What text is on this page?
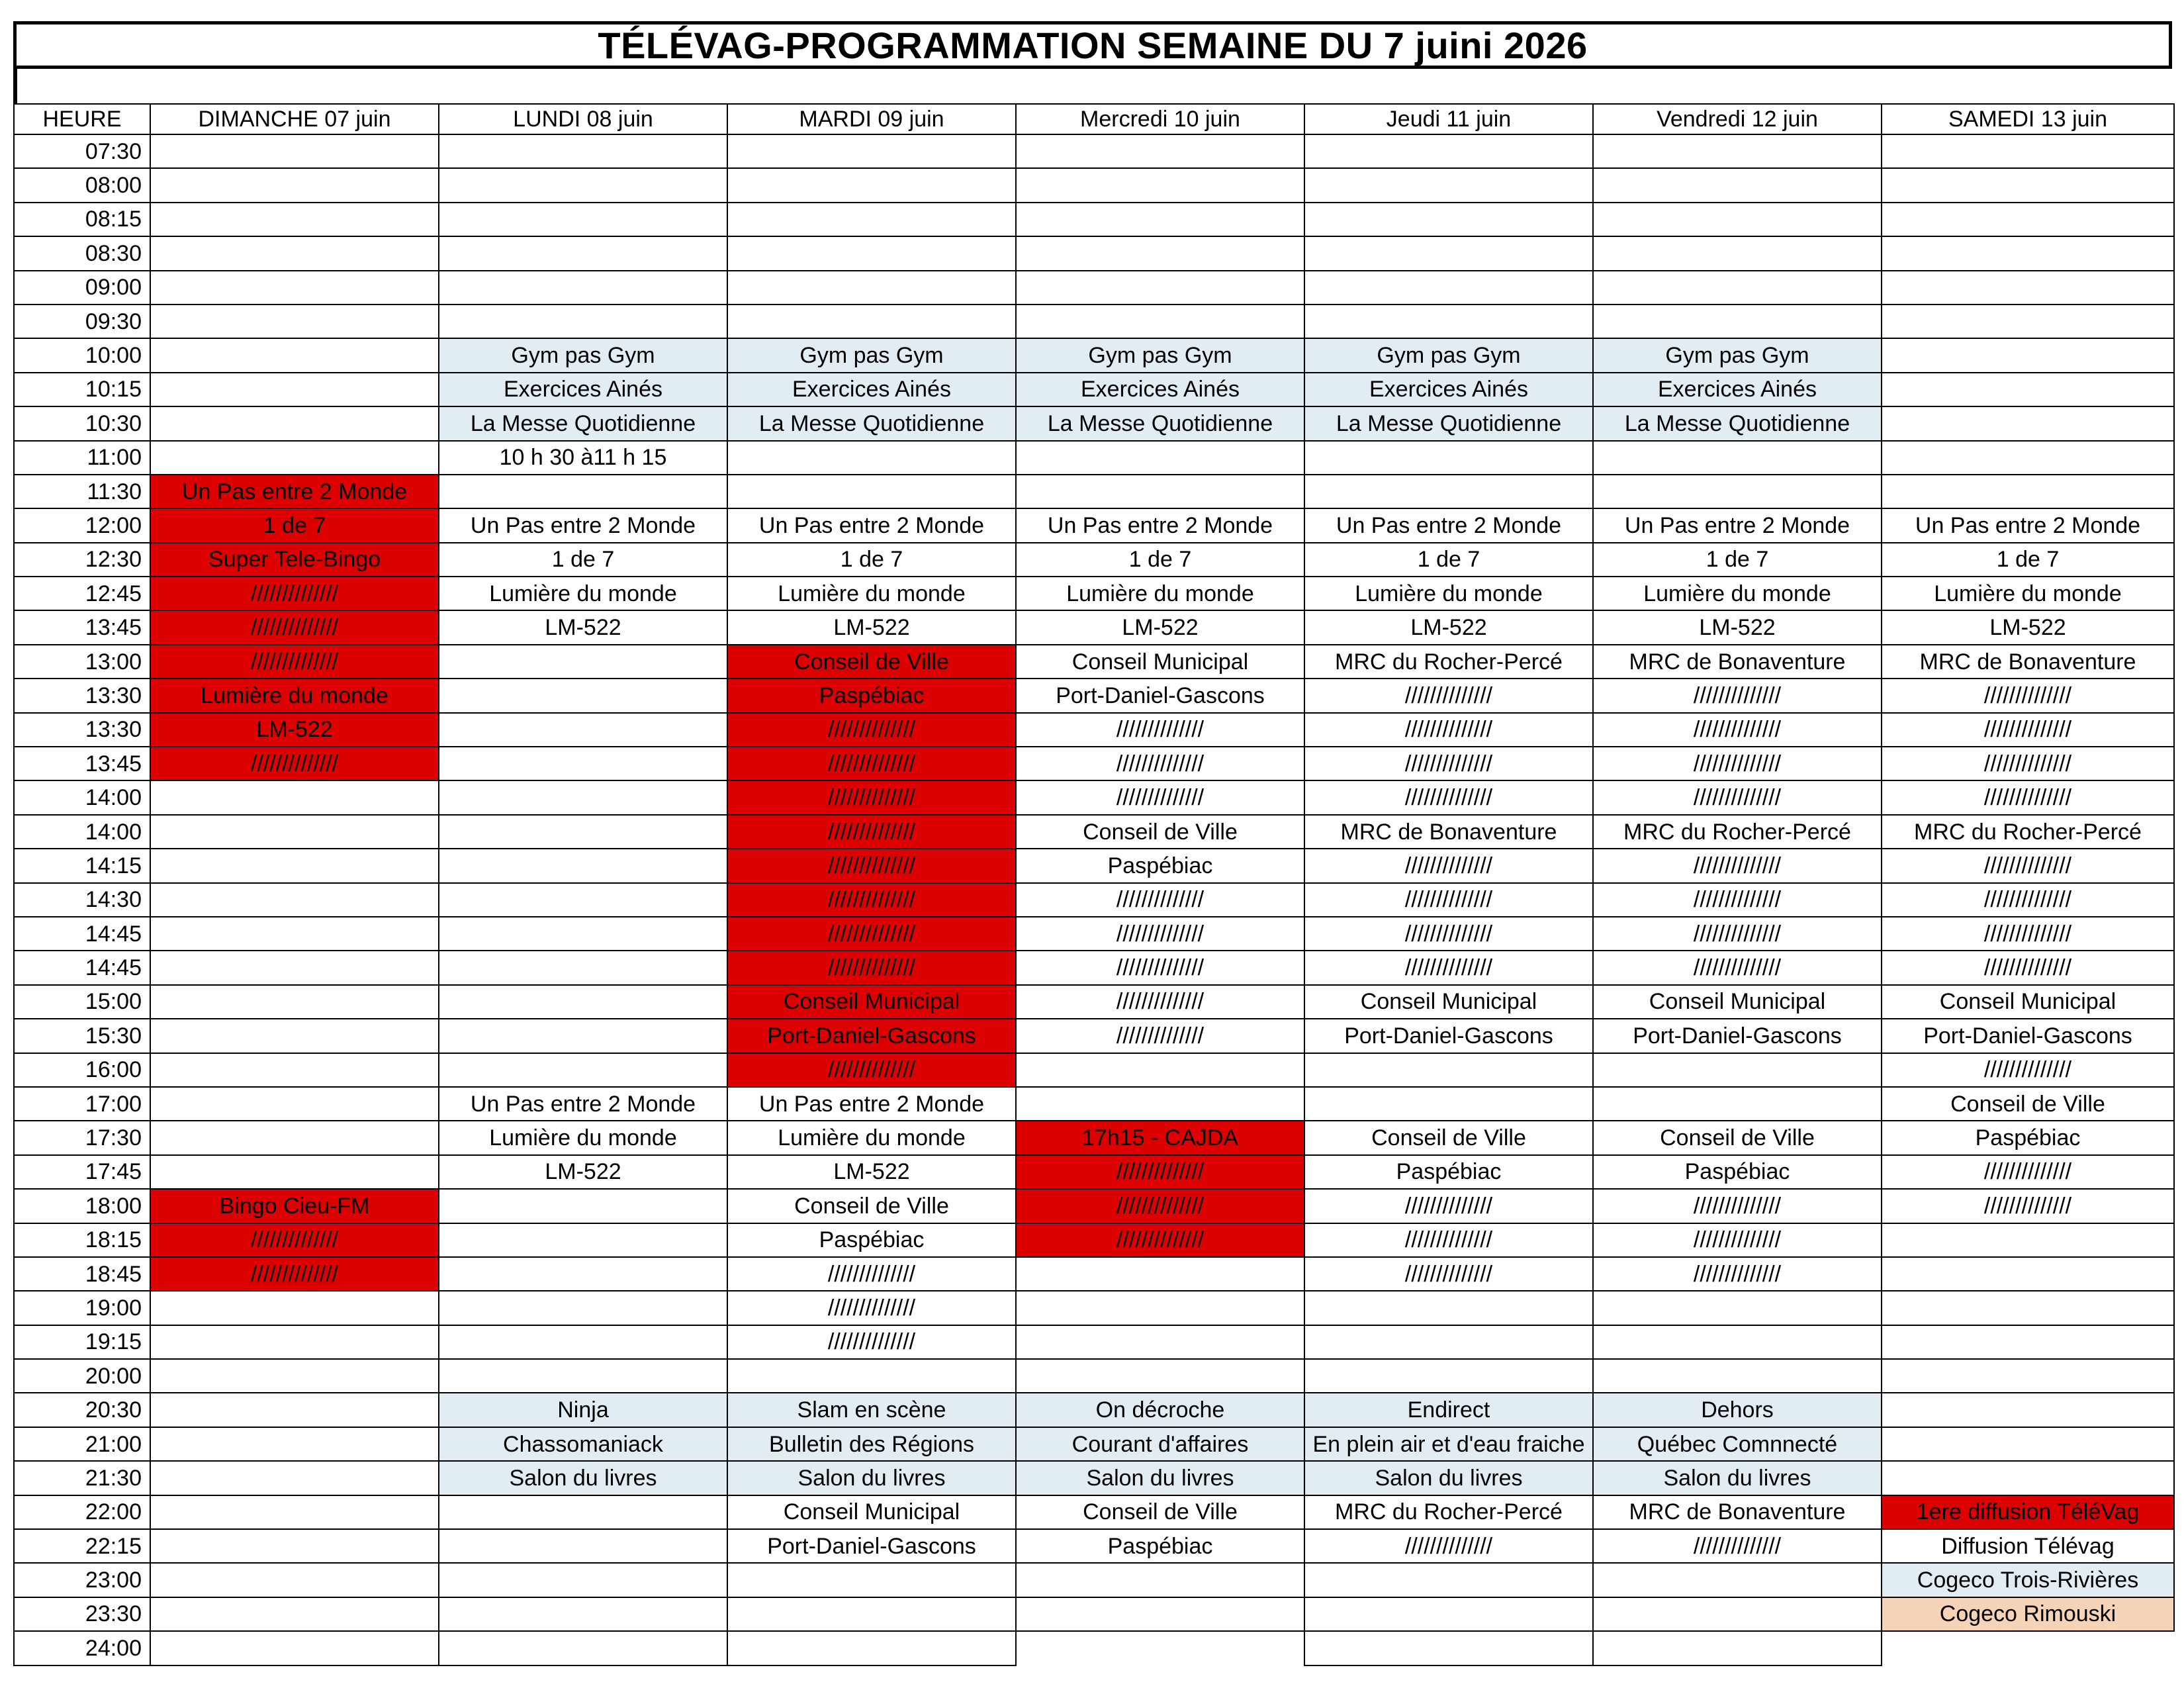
TÉLÉVAG-PROGRAMMATION SEMAINE DU 7 juini 2026
HEURE	DIMANCHE 07 juin	LUNDI 08 juin	MARDI 09 juin	Mercredi 10 juin	Jeudi 11 juin	Vendredi 12 juin	SAMEDI 13 juin
07:30							
08:00							
08:15							
08:30							
09:00							
09:30							
10:00		Gym pas Gym	Gym pas Gym	Gym pas Gym	Gym pas Gym	Gym pas Gym	
10:15		Exercices Ainés	Exercices Ainés	Exercices Ainés	Exercices Ainés	Exercices Ainés	
10:30		La Messe Quotidienne	La Messe Quotidienne	La Messe Quotidienne	La Messe Quotidienne	La Messe Quotidienne	
11:00		10 h 30 à11 h 15					
11:30	Un Pas entre 2 Monde						
12:00	1 de 7	Un Pas entre 2 Monde	Un Pas entre 2 Monde	Un Pas entre 2 Monde	Un Pas entre 2 Monde	Un Pas entre 2 Monde	Un Pas entre 2 Monde
12:30	Super Tele-Bingo	1 de 7	1 de 7	1 de 7	1 de 7	1 de 7	1 de 7
12:45	//////////////	Lumière du monde	Lumière du monde	Lumière du monde	Lumière du monde	Lumière du monde	Lumière du monde
13:45	//////////////	LM-522	LM-522	LM-522	LM-522	LM-522	LM-522
13:00	//////////////		Conseil de Ville	Conseil Municipal	MRC du Rocher-Percé	MRC de Bonaventure	MRC de Bonaventure
13:30	Lumière du monde		Paspébiac	Port-Daniel-Gascons	//////////////	//////////////	//////////////
13:30	LM-522		//////////////	//////////////	//////////////	//////////////	//////////////
13:45	//////////////		//////////////	//////////////	//////////////	//////////////	//////////////
14:00			//////////////	//////////////	//////////////	//////////////	//////////////
14:00			//////////////	Conseil de Ville	MRC de Bonaventure	MRC du Rocher-Percé	MRC du Rocher-Percé
14:15			//////////////	Paspébiac	//////////////	//////////////	//////////////
14:30			//////////////	//////////////	//////////////	//////////////	//////////////
14:45			//////////////	//////////////	//////////////	//////////////	//////////////
14:45			//////////////	//////////////	//////////////	//////////////	//////////////
15:00			Conseil Municipal	//////////////	Conseil Municipal	Conseil Municipal	Conseil Municipal
15:30			Port-Daniel-Gascons	//////////////	Port-Daniel-Gascons	Port-Daniel-Gascons	Port-Daniel-Gascons
16:00			//////////////				//////////////
17:00		Un Pas entre 2 Monde	Un Pas entre 2 Monde				Conseil de Ville
17:30		Lumière du monde	Lumière du monde	17h15 - CAJDA	Conseil de Ville	Conseil de Ville	Paspébiac
17:45		LM-522	LM-522	//////////////	Paspébiac	Paspébiac	//////////////
18:00	Bingo Cieu-FM		Conseil de Ville	//////////////	//////////////	//////////////	//////////////
18:15	//////////////		Paspébiac	//////////////	//////////////	//////////////	
18:45	//////////////		//////////////		//////////////	//////////////	
19:00			//////////////				
19:15			//////////////				
20:00							
20:30		Ninja	Slam en scène	On décroche	Endirect	Dehors	
21:00		Chassomaniack	Bulletin des Régions	Courant d'affaires	En plein air et d'eau fraiche	Québec Comnnecté	
21:30		Salon du livres	Salon du livres	Salon du livres	Salon du livres	Salon du livres	
22:00			Conseil Municipal	Conseil de Ville	MRC du Rocher-Percé	MRC de Bonaventure	1ere diffusion TéléVag
22:15			Port-Daniel-Gascons	Paspébiac	//////////////	//////////////	Diffusion Télévag
23:00							Cogeco Trois-Rivières
23:30							Cogeco Rimouski
24:00							
